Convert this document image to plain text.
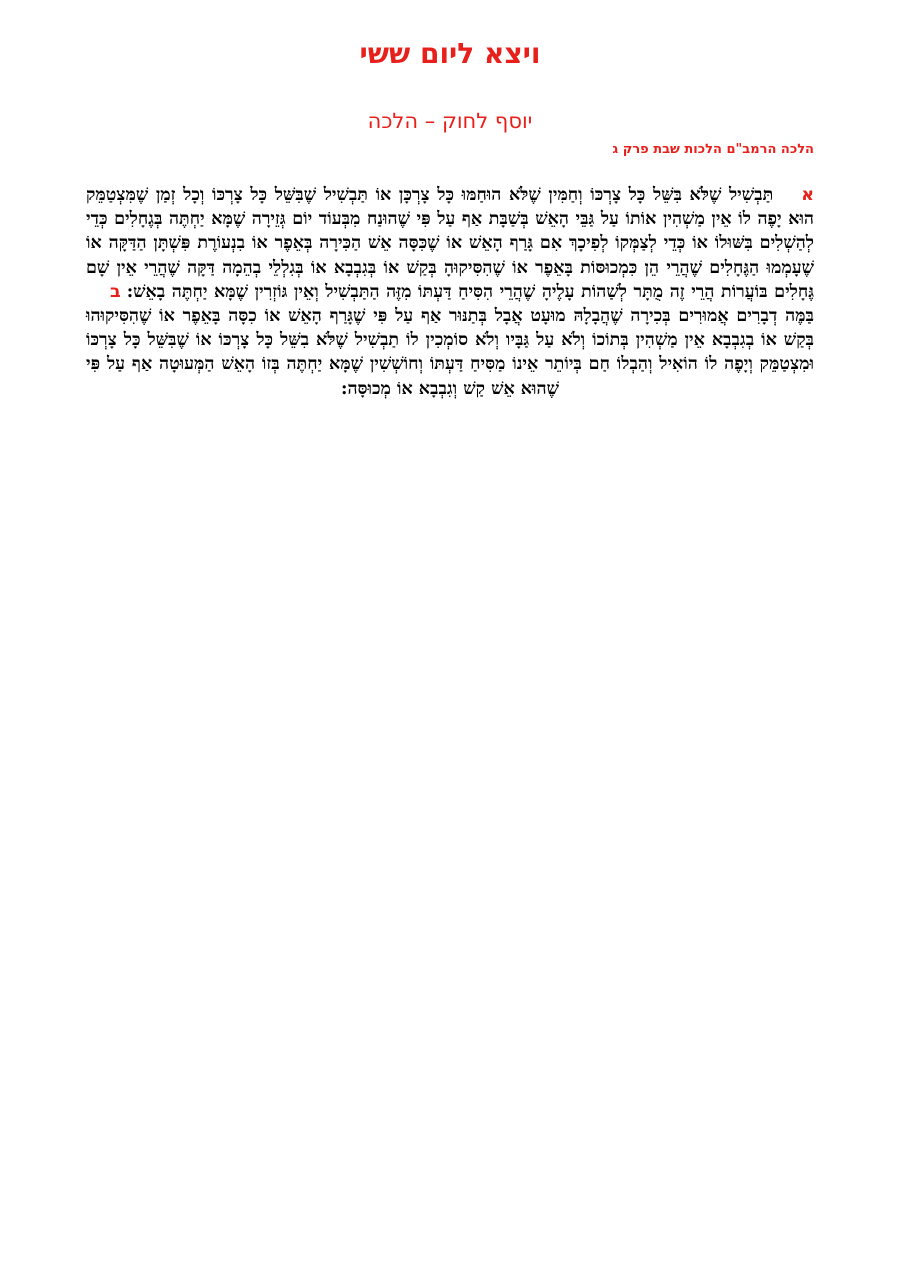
ויצא ליום ששי
יוסף לחוק – הלכה
הלכה הרמב"ם הלכות שבת פרק ג

אתַּבְשִׁיל שֶׁלֹּא בִּשֵּׁל כָּל צָרְכּוֹ וְחַמִּין שֶׁלֹּא הוּחַמּוּ כָּל צָרְכָּן אוֹ תַּבְשִׁיל שֶׁבִּשֵּׁל כָּל צָרְכּוֹ וְכָל זְמַן שֶׁמִּצְטַמֵּק הוּא יָפֶה לוֹ אֵין מַשְׁהִין אוֹתוֹ עַל גַּבֵּי הָאֵשׁ בְּשַׁבָּת אַף עַל פִּי שֶׁהוּנַח מִבְּעוֹד יוֹם גְּזֵירָה שֶׁמָּא יַחְתֶּה בְּגֶחָלִים כְּדֵי לְהַשְׁלִים בִּשּׁוּלוֹ אוֹ כְּדֵי לְצַמְּקוֹ לְפִיכָךְ אִם גָּרַף הָאֵשׁ אוֹ שֶׁכִּסָּה אֵשׁ הַכִּירָה בְּאֵפֶר אוֹ בִנְעוֹרֶת פִּשְׁתָּן הַדַּקָּה אוֹ שֶׁעָמְמוּ הַגֶּחָלִים שֶׁהֲרֵי הֵן כִּמְכוּסּוֹת בָּאֵפֶר אוֹ שֶׁהִסִּיקוּהָ בְּקַשׁ אוֹ בְּגִבְבָא אוֹ בְּגִלְלֵי בְהֵמָה דַּקָּה שֶׁהֲרֵי אֵין שָׁם גֶּחָלִים בּוֹעֲרוֹת הֲרֵי זֶה מֻתָּר לְשַׁהוֹת עָלֶיהָ שֶׁהֲרֵי הִסִּיחַ דַּעְתּוֹ מִזֶּה הַתַּבְשִׁיל וְאֵין גּוֹזְרִין שֶׁמָּא יַחְתֶּה בָאֵשׁ:בבַּמֶּה דְבָרִים אֲמוּרִים בְּכִירָה שֶׁהֲבָלָהּ מוּעָט אֲבָל בְּתַנּוּר אַף עַל פִּי שֶׁגָּרַף הָאֵשׁ אוֹ כִסָּה בָּאֵפֶר אוֹ שֶׁהִסִּיקוּהוּ בְּקַשׁ אוֹ בְגִבְבָא אֵין מַשְׁהִין בְּתוֹכוֹ וְלֹא עַל גַּבָּיו וְלֹא סוֹמְכִין לוֹ תַבְשִׁיל שֶׁלֹּא בִשֵּׁל כָּל צָרְכּוֹ אוֹ שֶׁבִּשֵּׁל כָּל צָרְכּוֹ וּמִצְטַמֵּק וְיָפֶה לוֹ הוֹאִיל וְהַבְלוֹ חַם בְּיוֹתֵר אֵינוֹ מַסִּיחַ דַּעְתּוֹ וְחוֹשְׁשִׁין שֶׁמָּא יַחְתֶּה בְּזוֹ הָאֵשׁ הַמְּעוּטָה אַף עַל פִּי שֶׁהוּא אֵשׁ קַשׁ וְגִבְבָא אוֹ מְכוּסָּה:
